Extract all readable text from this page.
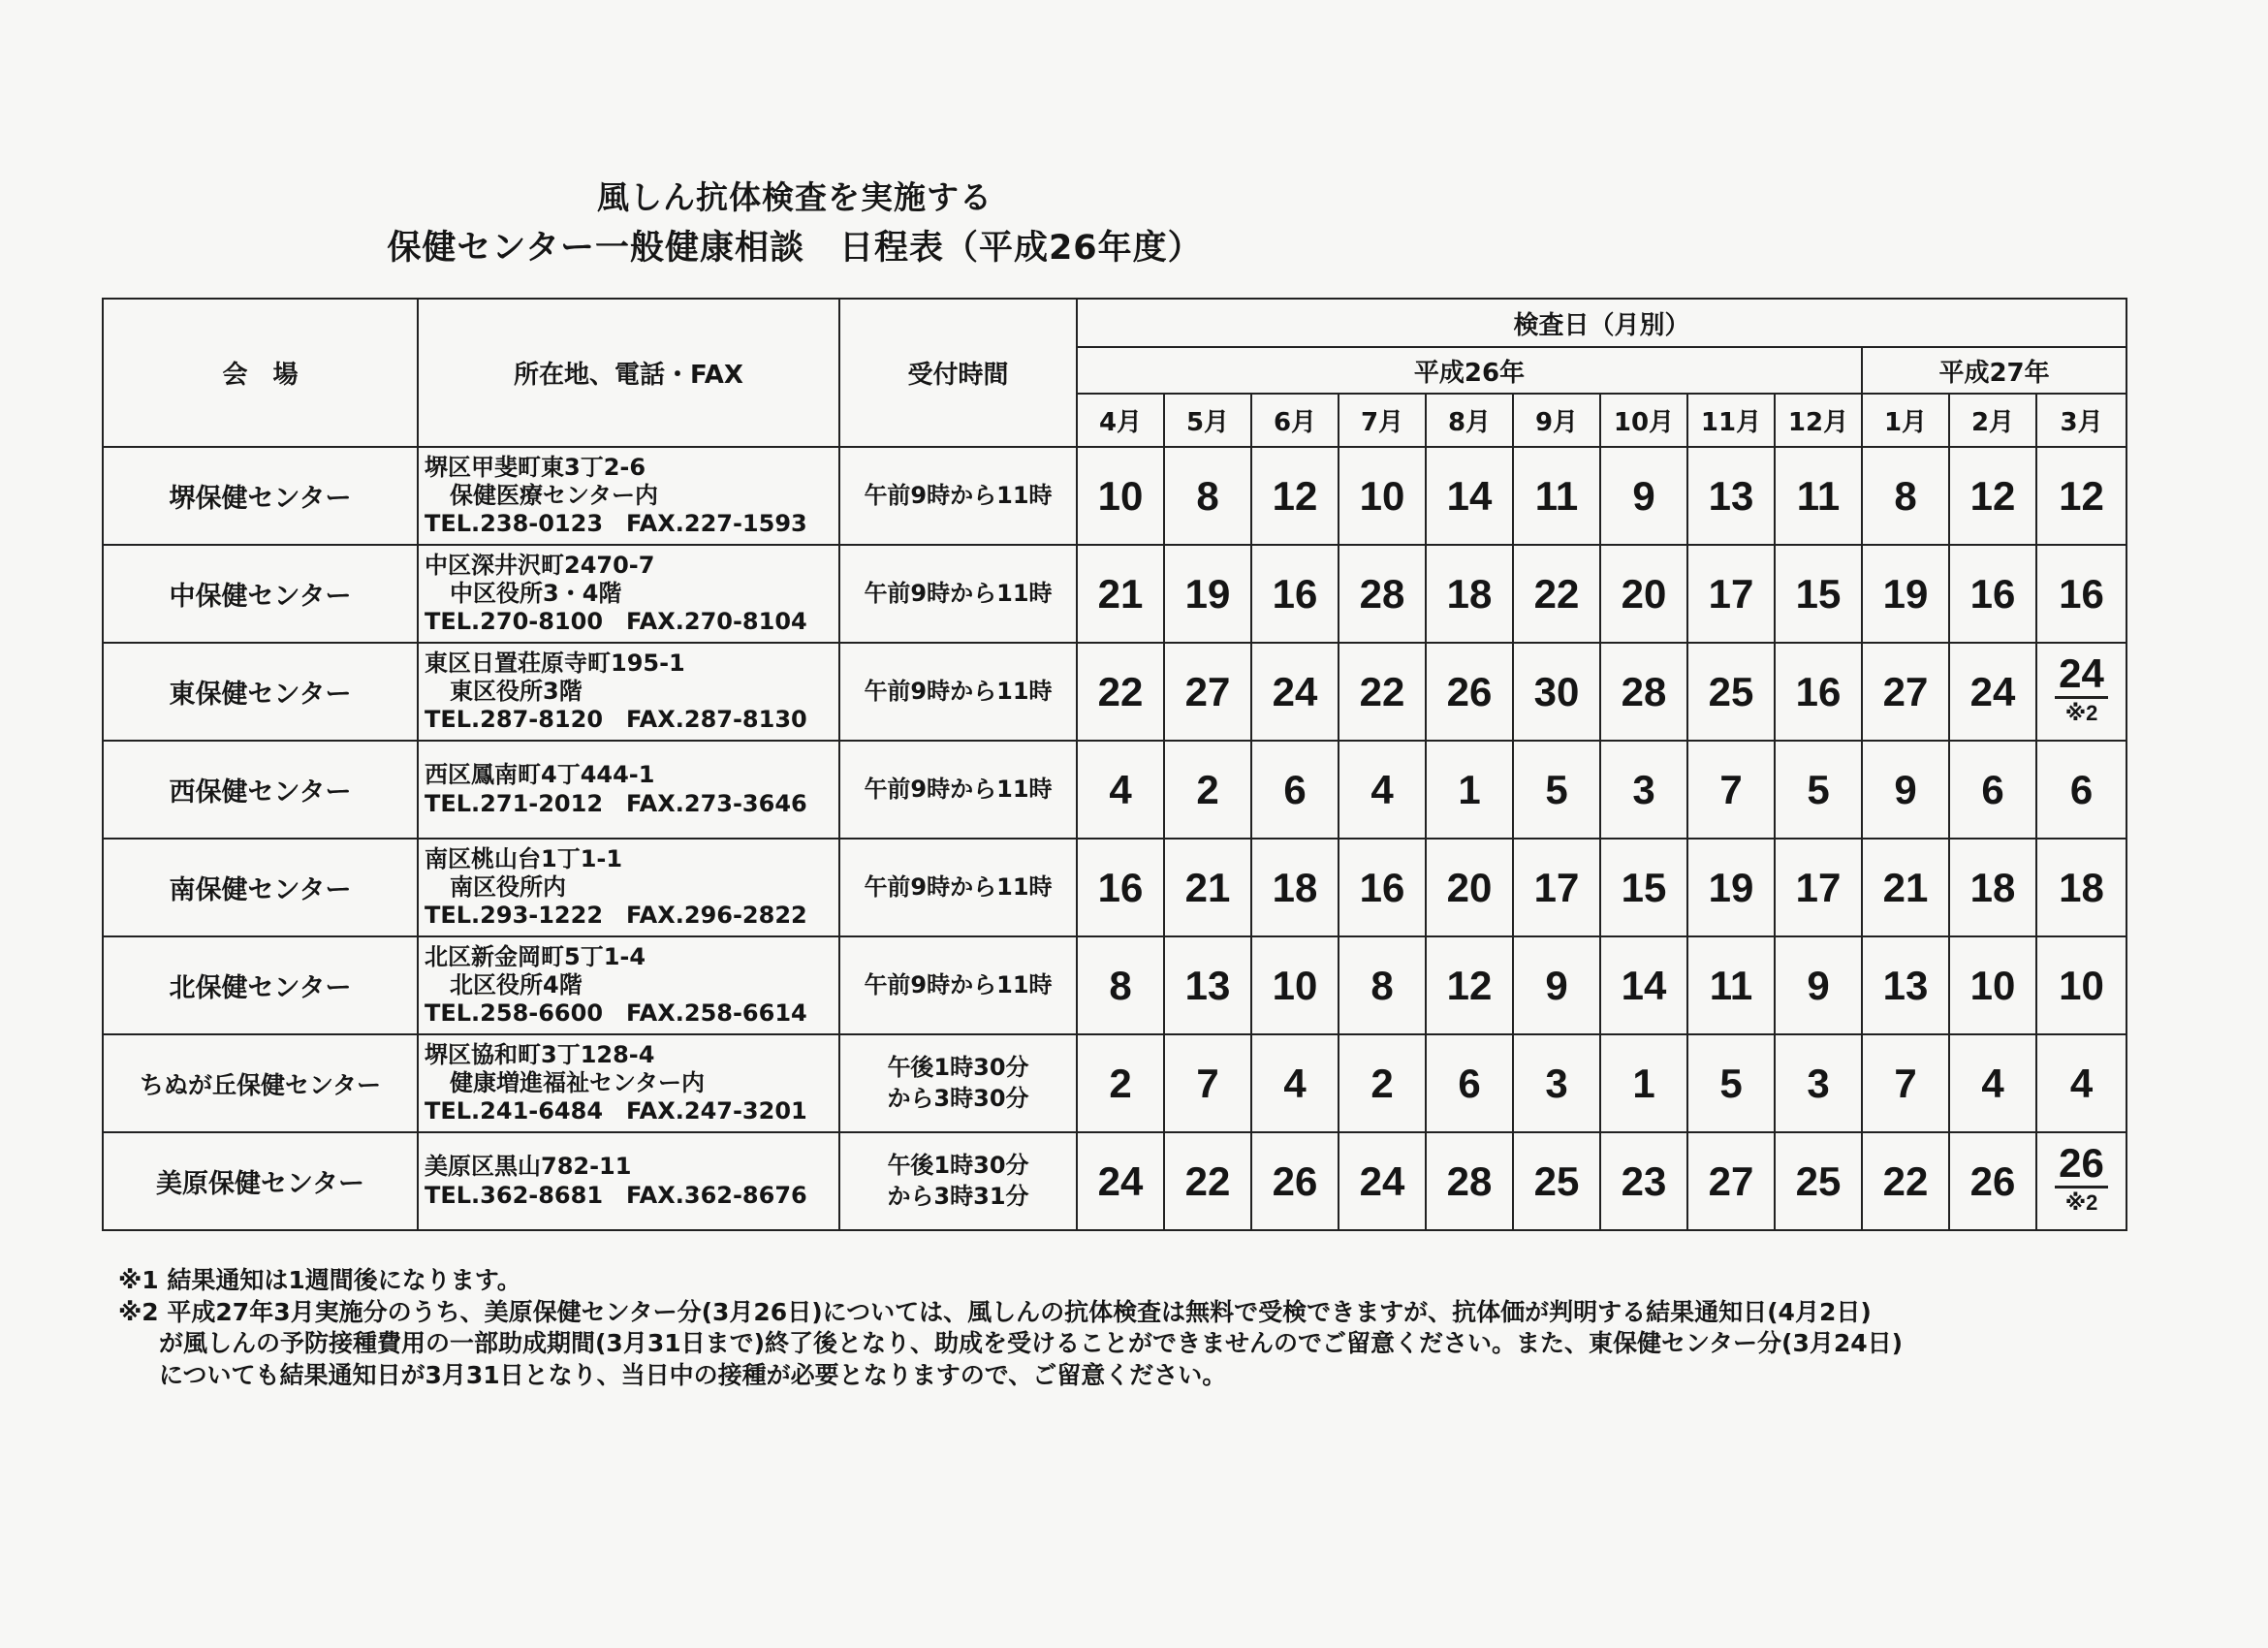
風しん抗体検査を実施する
保健センター一般健康相談　日程表（平成26年度）
会　場	所在地、電話・FAX	受付時間	検査日（月別）											
			平成26年									平成27年		
			4月	5月	6月	7月	8月	9月	10月	11月	12月	1月	2月	3月
堺保健センター	堺区甲斐町東3丁2-6
保健医療センター内
TEL.238-0123　FAX.227-1593	午前9時から11時	10	8	12	10	14	11	9	13	11	8	12	12
中保健センター	中区深井沢町2470-7
中区役所3・4階
TEL.270-8100　FAX.270-8104	午前9時から11時	21	19	16	28	18	22	20	17	15	19	16	16
東保健センター	東区日置荘原寺町195-1
東区役所3階
TEL.287-8120　FAX.287-8130	午前9時から11時	22	27	24	22	26	30	28	25	16	27	24	24
※2

西保健センター	西区鳳南町4丁444-1
TEL.271-2012　FAX.273-3646	午前9時から11時	4	2	6	4	1	5	3	7	5	9	6	6
南保健センター	南区桃山台1丁1-1
南区役所内
TEL.293-1222　FAX.296-2822	午前9時から11時	16	21	18	16	20	17	15	19	17	21	18	18
北保健センター	北区新金岡町5丁1-4
北区役所4階
TEL.258-6600　FAX.258-6614	午前9時から11時	8	13	10	8	12	9	14	11	9	13	10	10
ちぬが丘保健センター	堺区協和町3丁128-4
健康増進福祉センター内
TEL.241-6484　FAX.247-3201	午後1時30分
から3時30分	2	7	4	2	6	3	1	5	3	7	4	4
美原保健センター	美原区黒山782-11
TEL.362-8681　FAX.362-8676	午後1時30分
から3時31分	24	22	26	24	28	25	23	27	25	22	26	26
※2
※1 結果通知は1週間後になります。
※2 平成27年3月実施分のうち、美原保健センター分(3月26日)については、風しんの抗体検査は無料で受検できますが、抗体価が判明する結果通知日(4月2日)
が風しんの予防接種費用の一部助成期間(3月31日まで)終了後となり、助成を受けることができませんのでご留意ください。また、東保健センター分(3月24日)
についても結果通知日が3月31日となり、当日中の接種が必要となりますので、ご留意ください。
